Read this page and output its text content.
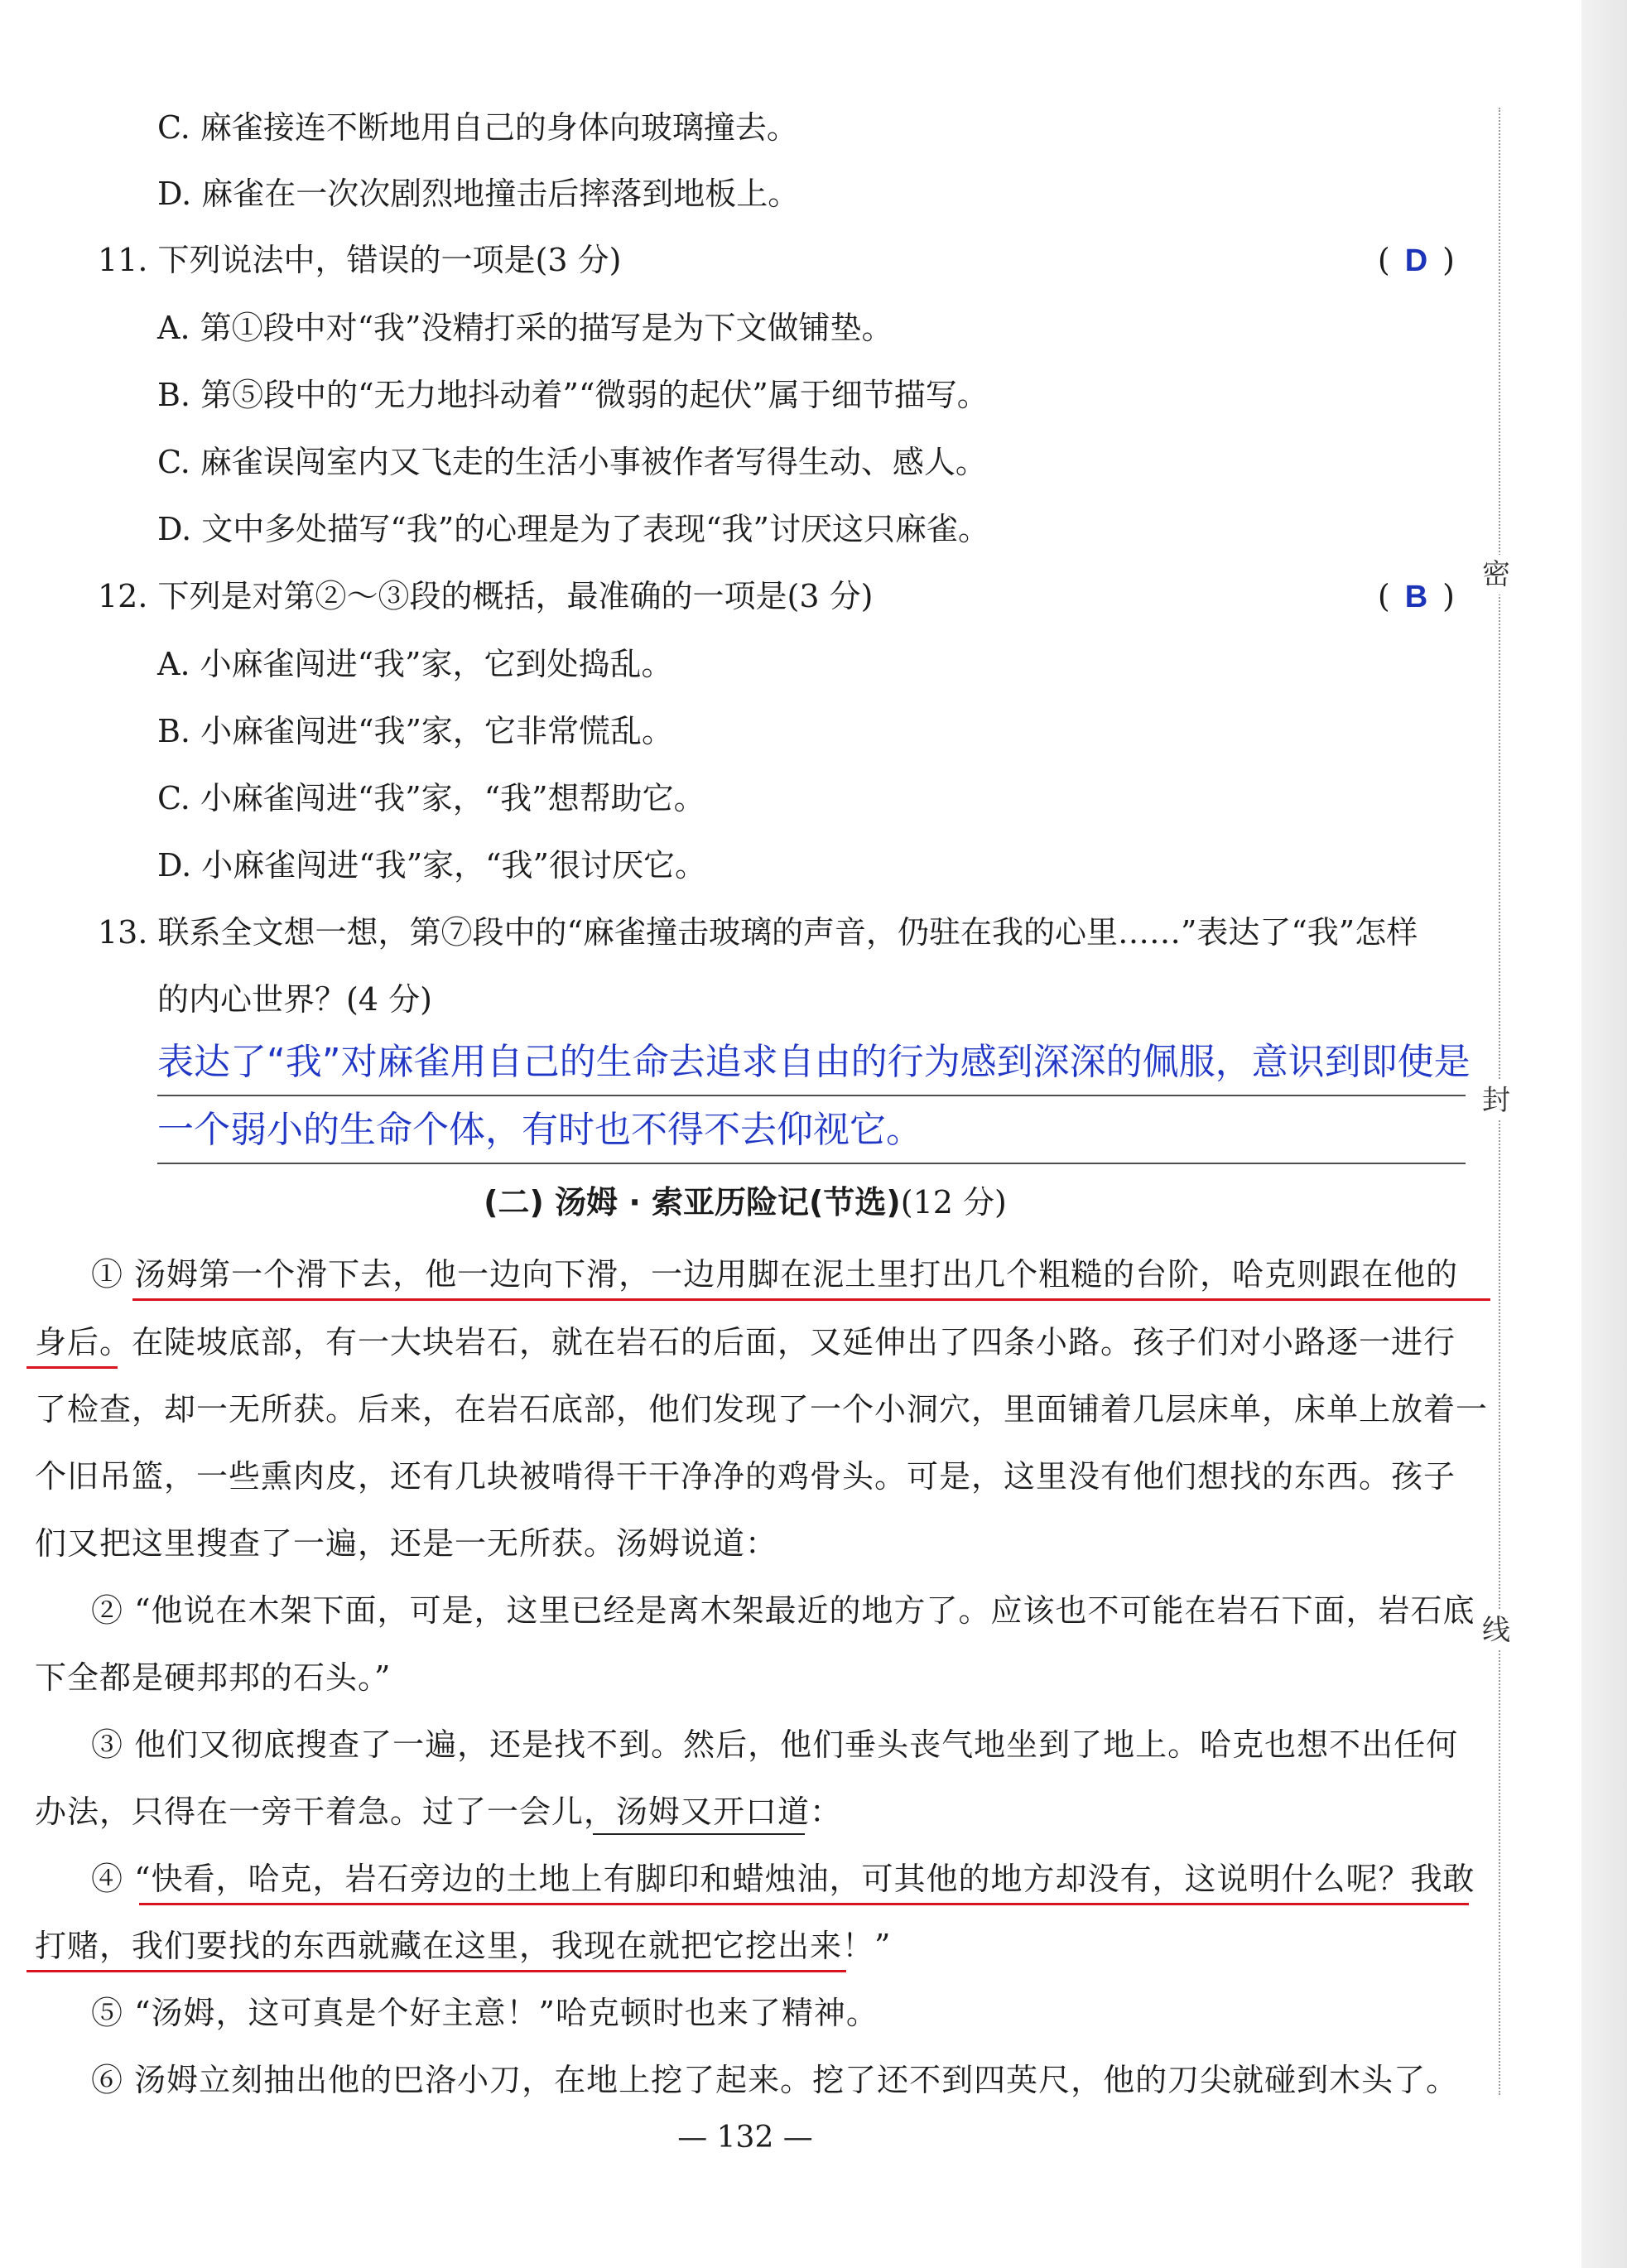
C. 麻雀接连不断地用自己的身体向玻璃撞去。
D. 麻雀在一次次剧烈地撞击后摔落到地板上。
11. 下列说法中，错误的一项是(3 分)	( D )
A. 第①段中对“我”没精打采的描写是为下文做铺垫。
B. 第⑤段中的“无力地抖动着”“微弱的起伏”属于细节描写。
C. 麻雀误闯室内又飞走的生活小事被作者写得生动、感人。
D. 文中多处描写“我”的心理是为了表现“我”讨厌这只麻雀。
12. 下列是对第②～③段的概括，最准确的一项是(3 分)	( B )
A. 小麻雀闯进“我”家，它到处捣乱。
B. 小麻雀闯进“我”家，它非常慌乱。
C. 小麻雀闯进“我”家，“我”想帮助它。
D. 小麻雀闯进“我”家，“我”很讨厌它。
13. 联系全文想一想，第⑦段中的“麻雀撞击玻璃的声音，仍驻在我的心里……”表达了“我”怎样
的内心世界？(4 分)
表达了“我”对麻雀用自己的生命去追求自由的行为感到深深的佩服，意识到即使是
一个弱小的生命个体，有时也不得不去仰视它。
(二) 汤姆 · 索亚历险记(节选)(12 分)
① 汤姆第一个滑下去，他一边向下滑，一边用脚在泥土里打出几个粗糙的台阶，哈克则跟在他的
身后。在陡坡底部，有一大块岩石，就在岩石的后面，又延伸出了四条小路。孩子们对小路逐一进行
了检查，却一无所获。后来，在岩石底部，他们发现了一个小洞穴，里面铺着几层床单，床单上放着一
个旧吊篮，一些熏肉皮，还有几块被啃得干干净净的鸡骨头。可是，这里没有他们想找的东西。孩子
们又把这里搜查了一遍，还是一无所获。汤姆说道：
② “他说在木架下面，可是，这里已经是离木架最近的地方了。应该也不可能在岩石下面，岩石底
下全都是硬邦邦的石头。”
③ 他们又彻底搜查了一遍，还是找不到。然后，他们垂头丧气地坐到了地上。哈克也想不出任何
办法，只得在一旁干着急。过了一会儿，汤姆又开口道：
④ “快看，哈克，岩石旁边的土地上有脚印和蜡烛油，可其他的地方却没有，这说明什么呢？我敢
打赌，我们要找的东西就藏在这里，我现在就把它挖出来！”
⑤ “汤姆，这可真是个好主意！”哈克顿时也来了精神。
⑥ 汤姆立刻抽出他的巴洛小刀，在地上挖了起来。挖了还不到四英尺，他的刀尖就碰到木头了。
— 132 —
密
封
线
